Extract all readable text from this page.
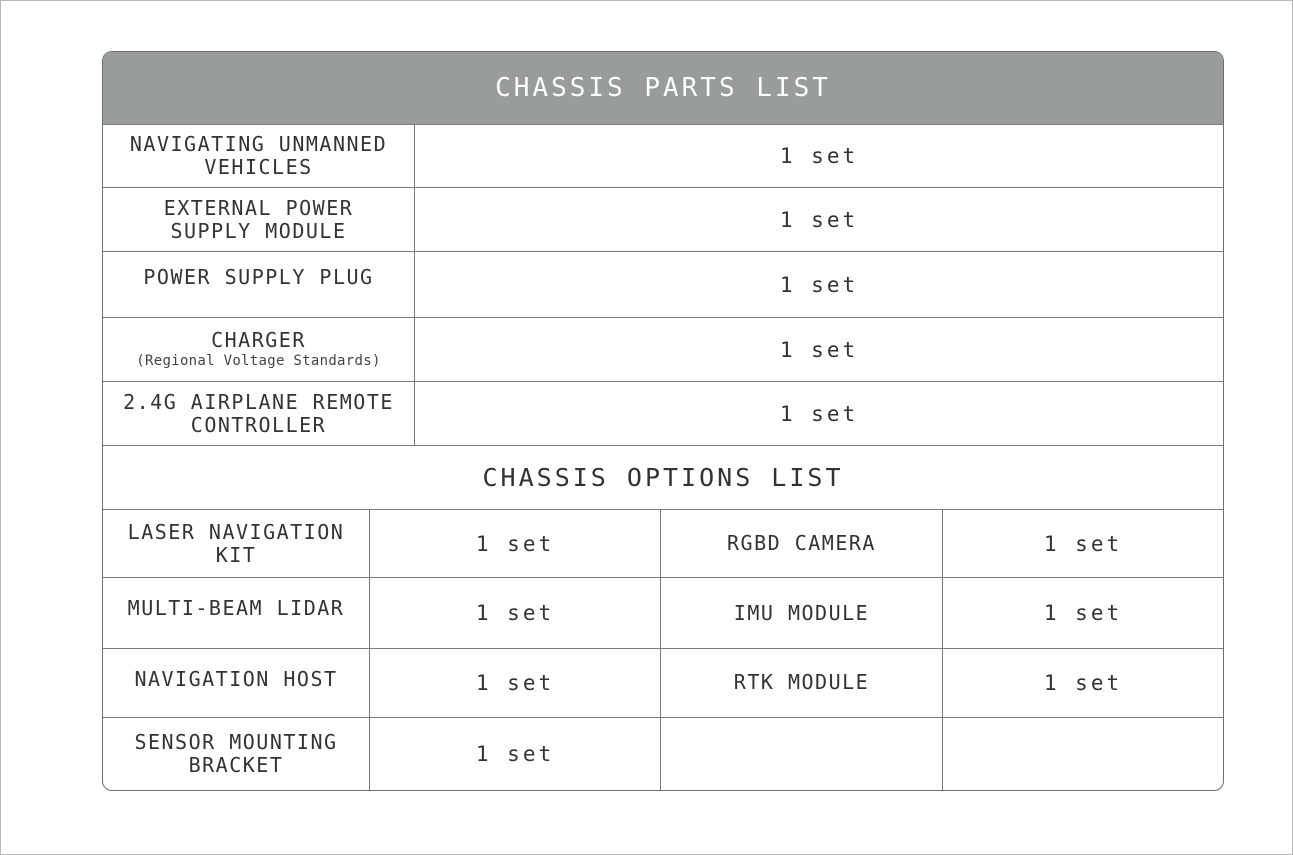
CHASSIS PARTS LIST
NAVIGATING UNMANNED VEHICLES	1 set
EXTERNAL POWER SUPPLY MODULE	1 set
POWER SUPPLY PLUG	1 set
CHARGER
(Regional Voltage Standards)	1 set
2.4G AIRPLANE REMOTE CONTROLLER	1 set
CHASSIS OPTIONS LIST
LASER NAVIGATION KIT	1 set	RGBD CAMERA	1 set
MULTI-BEAM LIDAR	1 set	IMU MODULE	1 set
NAVIGATION HOST	1 set	RTK MODULE	1 set
SENSOR MOUNTING BRACKET	1 set
